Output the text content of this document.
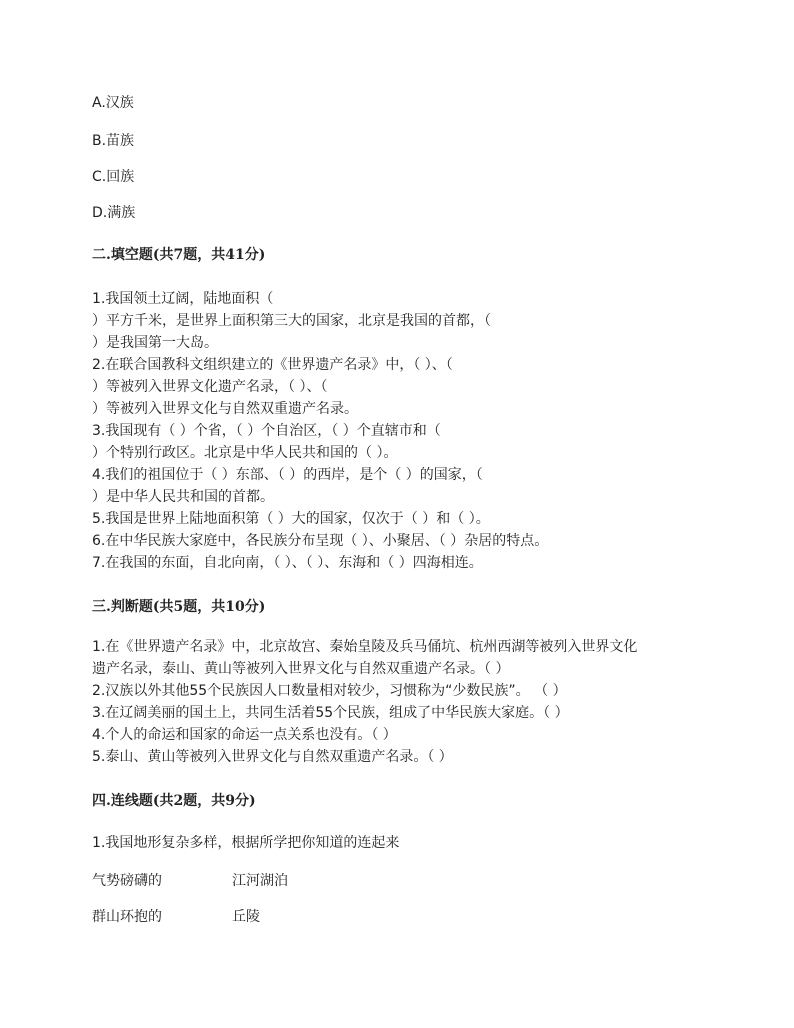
A.汉族
B.苗族
C.回族
D.满族
二.填空题(共7题，共41分)
1.我国领土辽阔，陆地面积（
）平方千米，是世界上面积第三大的国家，北京是我国的首都，（
）是我国第一大岛。
2.在联合国教科文组织建立的《世界遗产名录》中，（ ）、（
）等被列入世界文化遗产名录，（ ）、（
）等被列入世界文化与自然双重遗产名录。
3.我国现有（ ）个省，（ ）个自治区，（ ）个直辖市和（
）个特别行政区。北京是中华人民共和国的（ ）。
4.我们的祖国位于（ ）东部、（ ）的西岸，是个（ ）的国家，（
）是中华人民共和国的首都。
5.我国是世界上陆地面积第（ ）大的国家，仅次于（ ）和（ ）。
6.在中华民族大家庭中，各民族分布呈现（ ）、小聚居、（ ）杂居的特点。
7.在我国的东面，自北向南，（ ）、（ ）、东海和（ ）四海相连。
三.判断题(共5题，共10分)
1.在《世界遗产名录》中，北京故宫、秦始皇陵及兵马俑坑、杭州西湖等被列入世界文化
遗产名录，泰山、黄山等被列入世界文化与自然双重遗产名录。（ ）
2.汉族以外其他55个民族因人口数量相对较少，习惯称为“少数民族”。 （ ）
3.在辽阔美丽的国土上，共同生活着55个民族，组成了中华民族大家庭。（ ）
4.个人的命运和国家的命运一点关系也没有。（ ）
5.泰山、黄山等被列入世界文化与自然双重遗产名录。（ ）
四.连线题(共2题，共9分)
1.我国地形复杂多样，根据所学把你知道的连起来
气势磅礴的	江河湖泊
群山环抱的	丘陵
